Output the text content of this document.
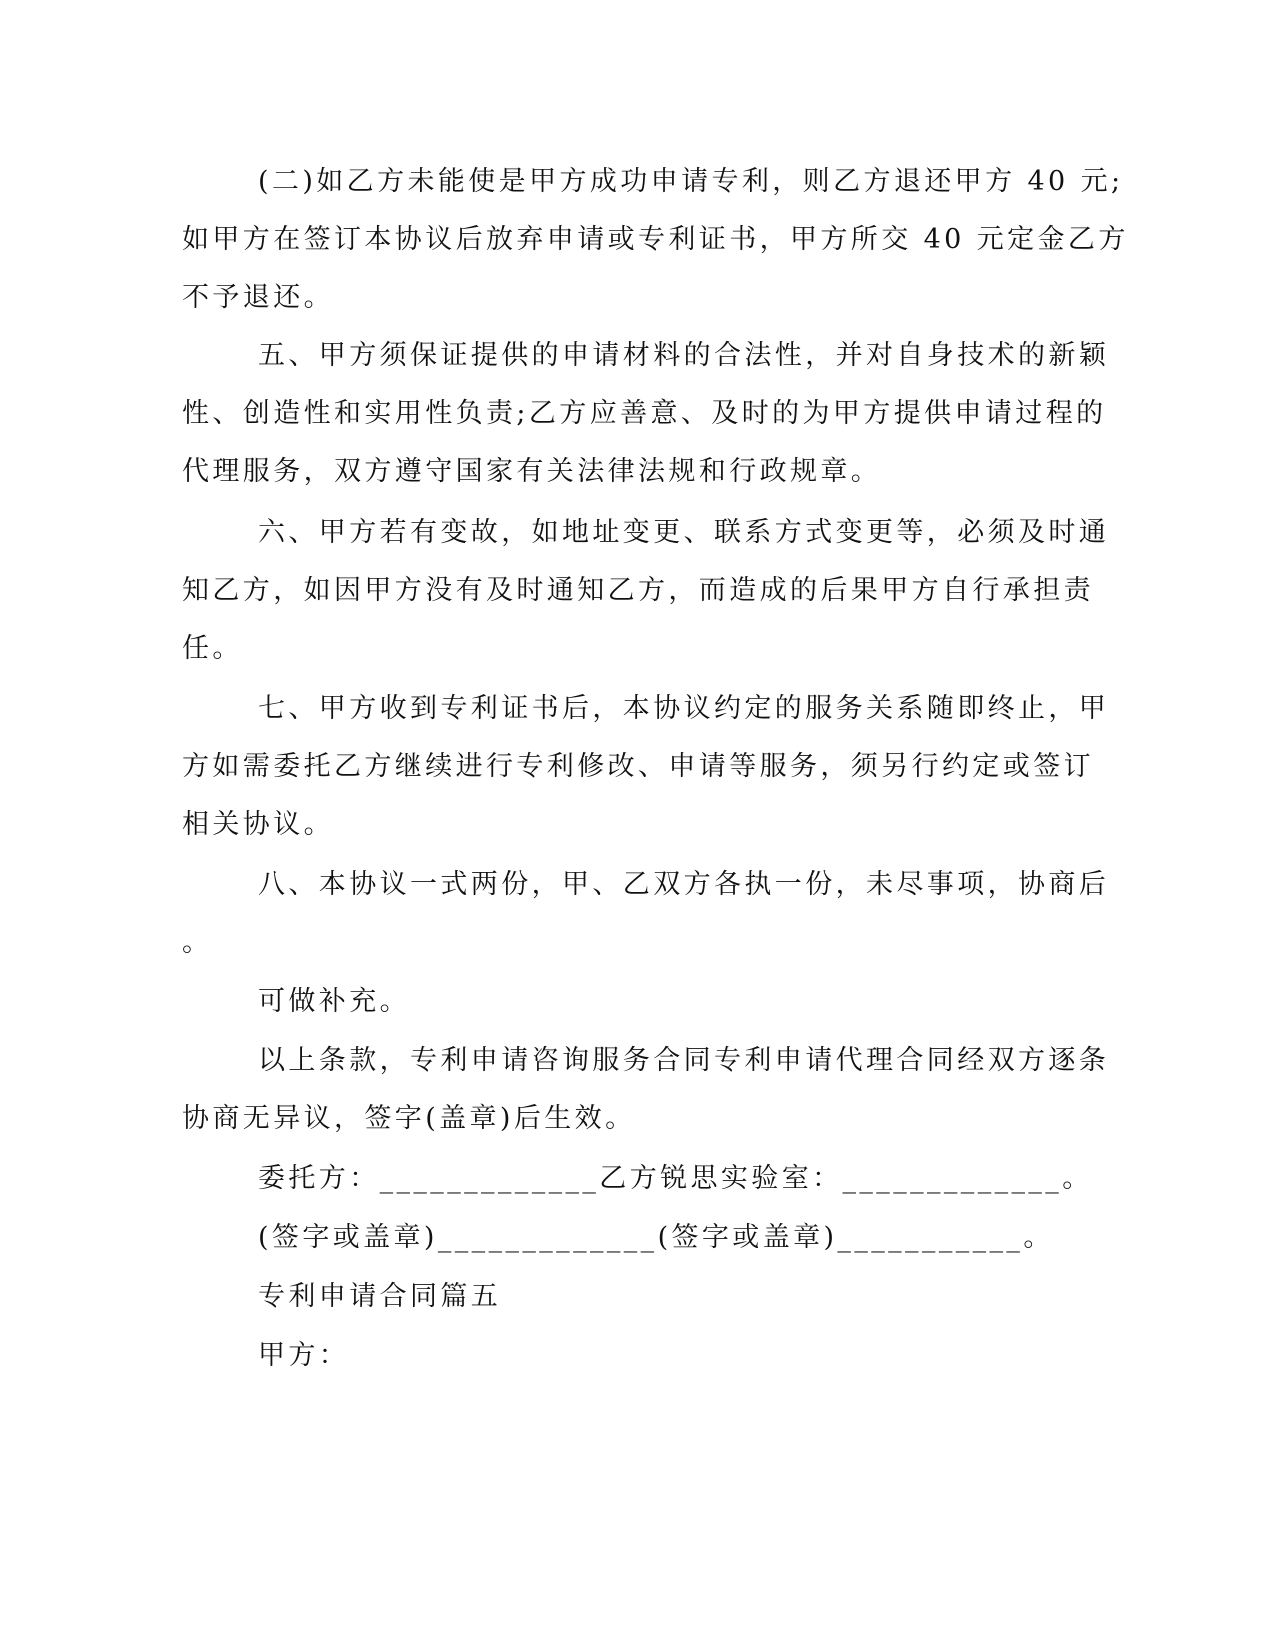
(二)如乙方未能使是甲方成功申请专利，则乙方退还甲方 40 元;
如甲方在签订本协议后放弃申请或专利证书，甲方所交 40 元定金乙方
不予退还。
五、甲方须保证提供的申请材料的合法性，并对自身技术的新颖
性、创造性和实用性负责;乙方应善意、及时的为甲方提供申请过程的
代理服务，双方遵守国家有关法律法规和行政规章。
六、甲方若有变故，如地址变更、联系方式变更等，必须及时通
知乙方，如因甲方没有及时通知乙方，而造成的后果甲方自行承担责
任。
七、甲方收到专利证书后，本协议约定的服务关系随即终止，甲
方如需委托乙方继续进行专利修改、申请等服务，须另行约定或签订
相关协议。
八、本协议一式两份，甲、乙双方各执一份，未尽事项，协商后
。
可做补充。
以上条款，专利申请咨询服务合同专利申请代理合同经双方逐条
协商无异议，签字(盖章)后生效。
委托方：_____________乙方锐思实验室：_____________。
(签字或盖章)_____________(签字或盖章)___________。
专利申请合同篇五
甲方：
